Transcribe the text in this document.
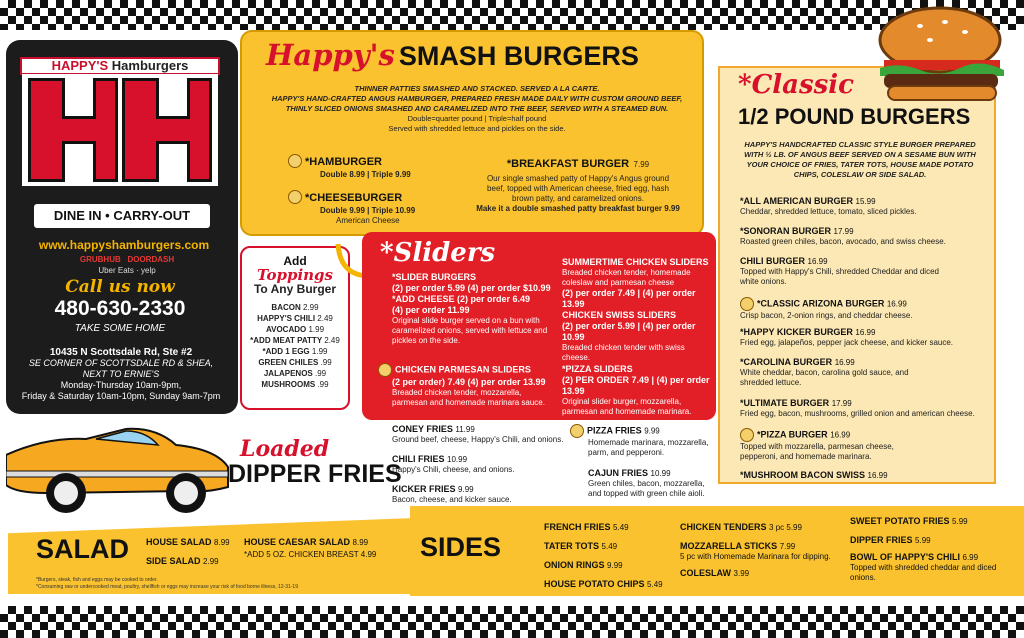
HAPPY'S Hamburgers
DINE IN • CARRY-OUT
www.happyshamburgers.com
GRUBHUB DOORDASH
Uber Eats · yelp
Call us now
480-630-2330
TAKE SOME HOME
10435 N Scottsdale Rd, Ste #2
SE CORNER OF SCOTTSDALE RD & SHEA,
NEXT TO ERNIE'S
Monday-Thursday 10am-9pm,
Friday & Saturday 10am-10pm, Sunday 9am-7pm
Add
Toppings
To Any Burger
BACON 2.99
HAPPY'S CHILI 2.49
AVOCADO 1.99
*ADD MEAT PATTY 2.49
*ADD 1 EGG 1.99
GREEN CHILES .99
JALAPENOS .99
MUSHROOMS .99
Happy's SMASH BURGERS
THINNER PATTIES SMASHED AND STACKED. SERVED A LA CARTE.
HAPPY'S HAND-CRAFTED ANGUS HAMBURGER, PREPARED FRESH MADE DAILY WITH CUSTOM GROUND BEEF,
THINLY SLICED ONIONS SMASHED AND CARAMELIZED INTO THE BEEF, SERVED WITH A STEAMED BUN.
Double=quarter pound | Triple=half pound
Served with shredded lettuce and pickles on the side.
*HAMBURGER
Double 8.99 | Triple 9.99
*CHEESEBURGER
Double 9.99 | Triple 10.99
American Cheese
*BREAKFAST BURGER 7.99
Our single smashed patty of Happy's Angus ground beef, topped with American cheese, fried egg, hash brown patty, and caramelized onions.
Make it a double smashed patty breakfast burger 9.99
*Sliders
*SLIDER BURGERS
(2) per order 5.99 (4) per order $10.99
*ADD CHEESE (2) per order 6.49
(4) per order 11.99
Original slide burger served on a bun with caramelized onions, served with lettuce and pickles on the side.
CHICKEN PARMESAN SLIDERS
(2 per order) 7.49 (4) per order 13.99
Breaded chicken tender, mozzarella, parmesan and homemade marinara sauce.
SUMMERTIME CHICKEN SLIDERS
Breaded chicken tender, homemade coleslaw and parmesan cheese
(2) per order 7.49 | (4) per order 13.99
CHICKEN SWISS SLIDERS
(2) per order 5.99 | (4) per order 10.99
Breaded chicken tender with swiss cheese.
*PIZZA SLIDERS
(2) PER ORDER 7.49 | (4) per order 13.99
Original slider burger, mozzarella, parmesan and homemade marinara.
*Classic
1/2 POUND BURGERS
HAPPY'S HANDCRAFTED CLASSIC STYLE BURGER PREPARED WITH ½ LB. OF ANGUS BEEF SERVED ON A SESAME BUN WITH YOUR CHOICE OF FRIES, TATER TOTS, HOUSE MADE POTATO CHIPS, COLESLAW OR SIDE SALAD.
*ALL AMERICAN BURGER 15.99
Cheddar, shredded lettuce, tomato, sliced pickles.
*SONORAN BURGER 17.99
Roasted green chiles, bacon, avocado, and swiss cheese.
CHILI BURGER 16.99
Topped with Happy's Chili, shredded Cheddar and diced white onions.
*CLASSIC ARIZONA BURGER 16.99
Crisp bacon, 2-onion rings, and cheddar cheese.
*HAPPY KICKER BURGER 16.99
Fried egg, jalapeños, pepper jack cheese, and kicker sauce.
*CAROLINA BURGER 16.99
White cheddar, bacon, carolina gold sauce, and shredded lettuce.
*ULTIMATE BURGER 17.99
Fried egg, bacon, mushrooms, grilled onion and american cheese.
*PIZZA BURGER 16.99
Topped with mozzarella, parmesan cheese, pepperoni, and homemade marinara.
*MUSHROOM BACON SWISS 16.99
Loaded
DIPPER FRIES
CONEY FRIES 11.99
Ground beef, cheese, Happy's Chili, and onions.
CHILI FRIES 10.99
Happy's Chili, cheese, and onions.
KICKER FRIES 9.99
Bacon, cheese, and kicker sauce.
PIZZA FRIES 9.99
Homemade marinara, mozzarella, parm, and pepperoni.
CAJUN FRIES 10.99
Green chiles, bacon, mozzarella, and topped with green chile aioli.
SALAD HOUSE SALAD 8.99
SIDE SALAD 2.99
HOUSE CAESAR SALAD 8.99
*ADD 5 OZ. CHICKEN BREAST 4.99
*Burgers, steak, fish and eggs may be cooked to order.
*Consuming raw or undercooked meat, poultry, shellfish or eggs may increase your risk of food borne illness, 12-31-19
SIDES
FRENCH FRIES 5.49
TATER TOTS 5.49
ONION RINGS 9.99
HOUSE POTATO CHIPS 5.49
CHICKEN TENDERS 3 pc 5.99
MOZZARELLA STICKS 7.99
5 pc with Homemade Marinara for dipping.
COLESLAW 3.99
SWEET POTATO FRIES 5.99
DIPPER FRIES 5.99
BOWL OF HAPPY'S CHILI 6.99
Topped with shredded cheddar and diced onions.
